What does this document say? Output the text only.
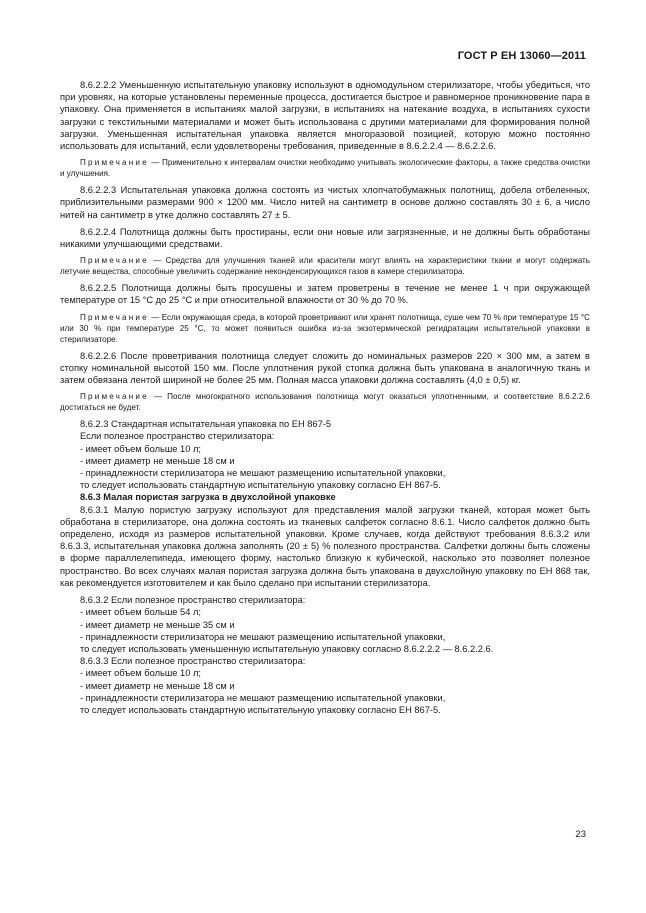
ГОСТ Р ЕН 13060—2011

8.6.2.2.2 Уменьшенную испытательную упаковку используют в одномодульном стерилизаторе, чтобы убедиться, что при уровнях, на которые установлены переменные процесса, достигается быстрое и равномерное проникновение пара в упаковку. Она применяется в испытаниях малой загрузки, в испытаниях на натекание воздуха, в испытаниях сухости загрузки с текстильными материалами и может быть использована с другими материалами для формирования полной загрузки. Уменьшенная испытательная упаковка является многоразовой позицией, которую можно постоянно использовать для испытаний, если удовлетворены требования, приведенные в 8.6.2.2.4 — 8.6.2.2.6.

Примечание — Применительно к интервалам очистки необходимо учитывать экологические факторы, а также средства очистки и улучшения.

8.6.2.2.3 Испытательная упаковка должна состоять из чистых хлопчатобумажных полотнищ, добела отбеленных, приблизительными размерами 900 × 1200 мм. Число нитей на сантиметр в основе должно составлять 30 ± 6, а число нитей на сантиметр в утке должно составлять 27 ± 5.

8.6.2.2.4 Полотнища должны быть простираны, если они новые или загрязненные, и не должны быть обработаны никакими улучшающими средствами.

Примечание — Средства для улучшения тканей или красители могут влиять на характеристики ткани и могут содержать летучие вещества, способные увеличить содержание неконденсирующихся газов в камере стерилизатора.

8.6.2.2.5 Полотнища должны быть просушены и затем проветрены в течение не менее 1 ч при окружающей температуре от 15 °С до 25 °С и при относительной влажности от 30 % до 70 %.

Примечание — Если окружающая среда, в которой проветривают или хранят полотнища, суше чем 70 % при температуре 15 °С или 30 % при температуре 25 °С, то может появиться ошибка из-за экзотермической регидратации испытательной упаковки в стерилизаторе.

8.6.2.2.6 После проветривания полотнища следует сложить до номинальных размеров 220 × 300 мм, а затем в стопку номинальной высотой 150 мм. После уплотнения рукой стопка должна быть упакована в аналогичную ткань и затем обвязана лентой шириной не более 25 мм. Полная масса упаковки должна составлять (4,0 ± 0,5) кг.

Примечание — После многократного использования полотнища могут оказаться уплотненными, и соответствие 8.6.2.2.6 достигаться не будет.

8.6.2.3 Стандартная испытательная упаковка по ЕН 867-5

Если полезное пространство стерилизатора:

- имеет объем больше 10 л;

- имеет диаметр не меньше 18 см и

- принадлежности стерилизатора не мешают размещению испытательной упаковки,

то следует использовать стандартную испытательную упаковку согласно ЕН 867-5.

8.6.3 Малая пористая загрузка в двухслойной упаковке

8.6.3.1 Малую пористую загрузку используют для представления малой загрузки тканей, которая может быть обработана в стерилизаторе, она должна состоять из тканевых салфеток согласно 8.6.1. Число салфеток должно быть определено, исходя из размеров испытательной упаковки. Кроме случаев, когда действуют требования 8.6.3.2 или 8.6.3.3, испытательная упаковка должна заполнять (20 ± 5) % полезного пространства. Салфетки должны быть сложены в форме параллелепипеда, имеющего форму, настолько близкую к кубической, насколько это позволяет полезное пространство. Во всех случаях малая пористая загрузка должна быть упакована в двухслойную упаковку по ЕН 868 так, как рекомендуется изготовителем и как было сделано при испытании стерилизатора.

8.6.3.2 Если полезное пространство стерилизатора:

- имеет объем больше 54 л;

- имеет диаметр не меньше 35 см и

- принадлежности стерилизатора не мешают размещению испытательной упаковки,

то следует использовать уменьшенную испытательную упаковку согласно 8.6.2.2.2 — 8.6.2.2.6.

8.6.3.3 Если полезное пространство стерилизатора:

- имеет объем больше 10 л;

- имеет диаметр не меньше 18 см и

- принадлежности стерилизатора не мешают размещению испытательной упаковки,

то следует использовать стандартную испытательную упаковку согласно ЕН 867-5.

23
